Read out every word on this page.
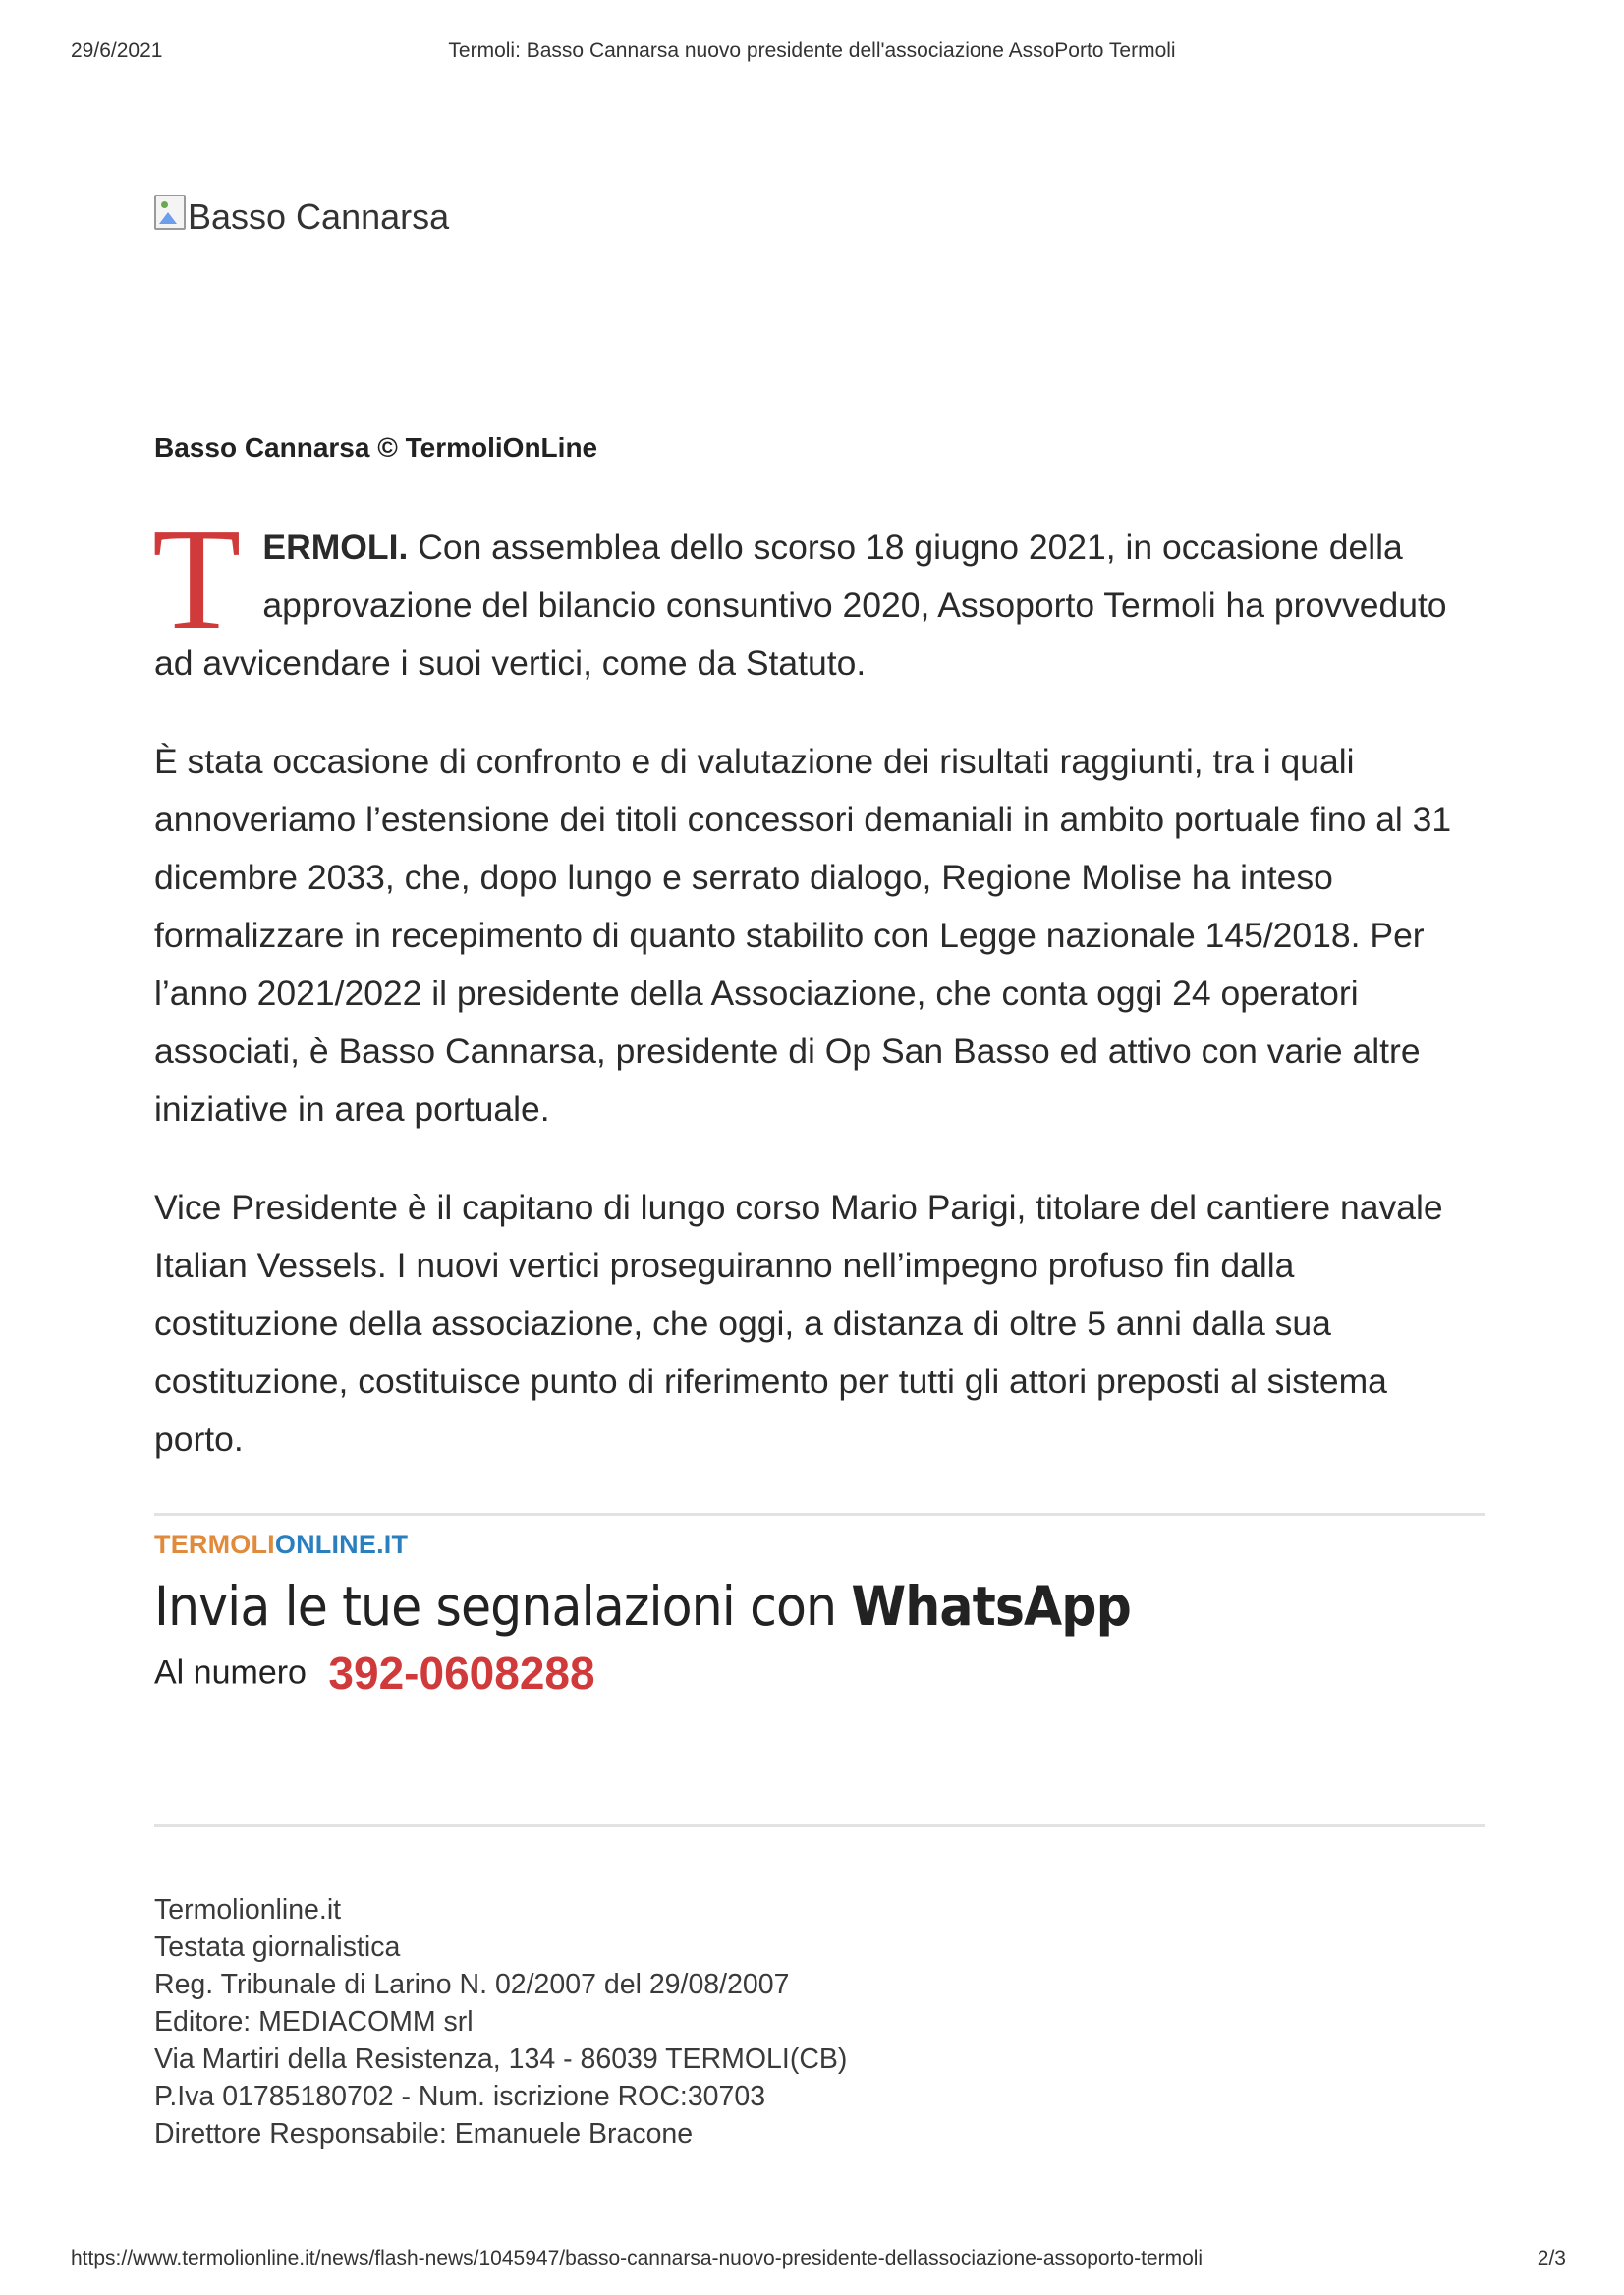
29/6/2021	Termoli: Basso Cannarsa nuovo presidente dell'associazione AssoPorto Termoli
Basso Cannarsa
Basso Cannarsa © TermoliOnLine

TERMOLI. Con assemblea dello scorso 18 giugno 2021, in occasione della approvazione del bilancio consuntivo 2020, Assoporto Termoli ha provveduto ad avvicendare i suoi vertici, come da Statuto.

È stata occasione di confronto e di valutazione dei risultati raggiunti, tra i quali annoveriamo l’estensione dei titoli concessori demaniali in ambito portuale fino al 31 dicembre 2033, che, dopo lungo e serrato dialogo, Regione Molise ha inteso formalizzare in recepimento di quanto stabilito con Legge nazionale 145/2018. Per l’anno 2021/2022 il presidente della Associazione, che conta oggi 24 operatori associati, è Basso Cannarsa, presidente di Op San Basso ed attivo con varie altre iniziative in area portuale.

Vice Presidente è il capitano di lungo corso Mario Parigi, titolare del cantiere navale Italian Vessels. I nuovi vertici proseguiranno nell’impegno profuso fin dalla costituzione della associazione, che oggi, a distanza di oltre 5 anni dalla sua costituzione, costituisce punto di riferimento per tutti gli attori preposti al sistema porto.

TERMOLIONLINE.IT
Invia le tue segnalazioni con WhatsApp
Al numero 392-0608288
Termolionline.it
Testata giornalistica
Reg. Tribunale di Larino N. 02/2007 del 29/08/2007
Editore: MEDIACOMM srl
Via Martiri della Resistenza, 134 - 86039 TERMOLI(CB)
P.Iva 01785180702 - Num. iscrizione ROC:30703
Direttore Responsabile: Emanuele Bracone
https://www.termolionline.it/news/flash-news/1045947/basso-cannarsa-nuovo-presidente-dellassociazione-assoporto-termoli	2/3
